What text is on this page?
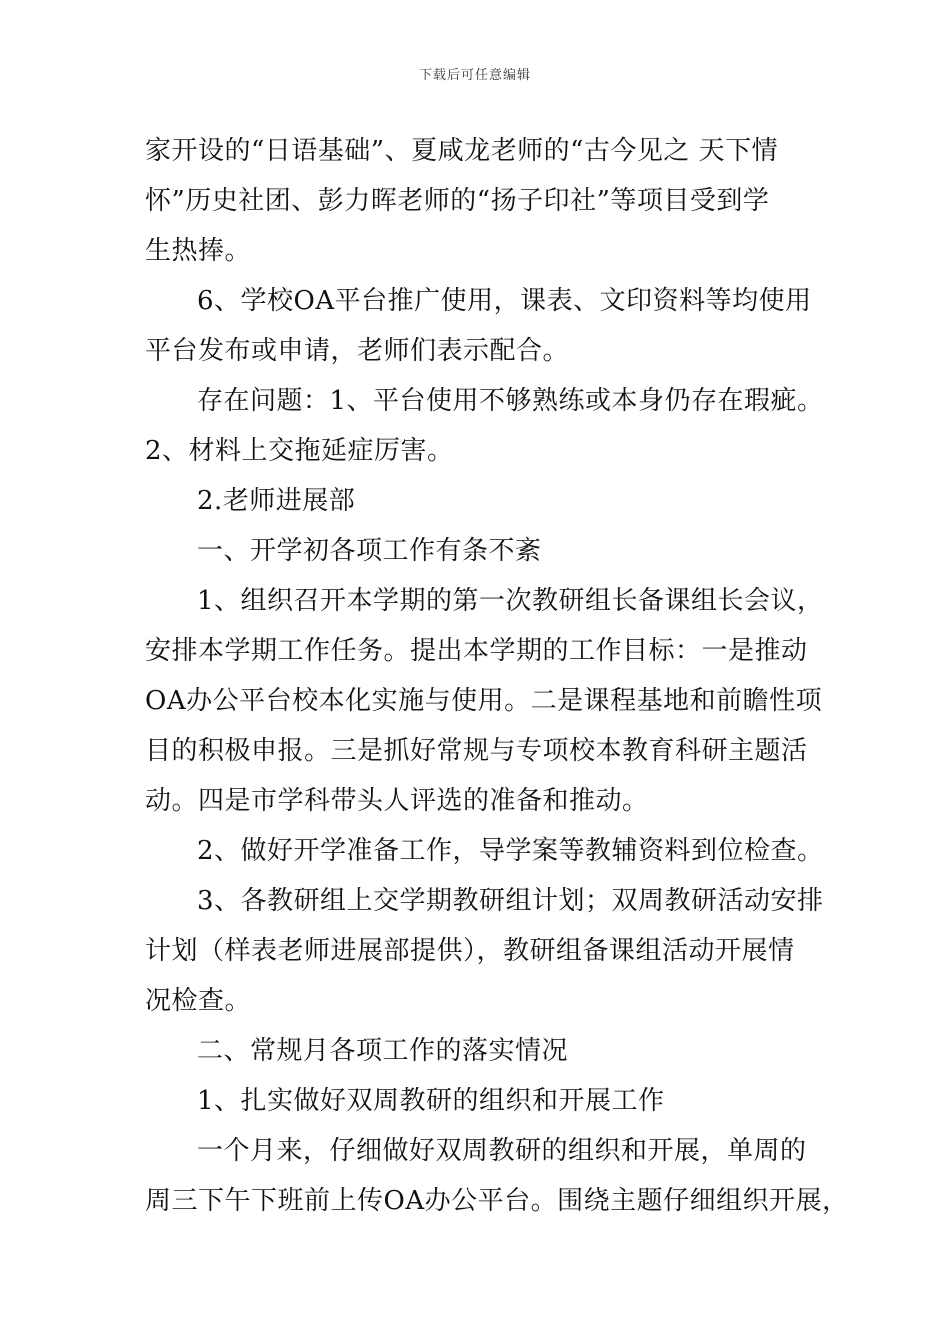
下载后可任意编辑
家开设的“日语基础”、夏咸龙老师的“古今见之 天下情
怀”历史社团、彭力晖老师的“扬子印社”等项目受到学
生热捧。
6、学校OA平台推广使用，课表、文印资料等均使用
平台发布或申请，老师们表示配合。
存在问题：1、平台使用不够熟练或本身仍存在瑕疵。
2、材料上交拖延症厉害。
2.老师进展部
一、开学初各项工作有条不紊
1、组织召开本学期的第一次教研组长备课组长会议，
安排本学期工作任务。提出本学期的工作目标：一是推动
OA办公平台校本化实施与使用。二是课程基地和前瞻性项
目的积极申报。三是抓好常规与专项校本教育科研主题活
动。四是市学科带头人评选的准备和推动。
2、做好开学准备工作，导学案等教辅资料到位检查。
3、各教研组上交学期教研组计划；双周教研活动安排
计划（样表老师进展部提供），教研组备课组活动开展情
况检查。
二、常规月各项工作的落实情况
1、扎实做好双周教研的组织和开展工作
一个月来，仔细做好双周教研的组织和开展，单周的
周三下午下班前上传OA办公平台。围绕主题仔细组织开展，
